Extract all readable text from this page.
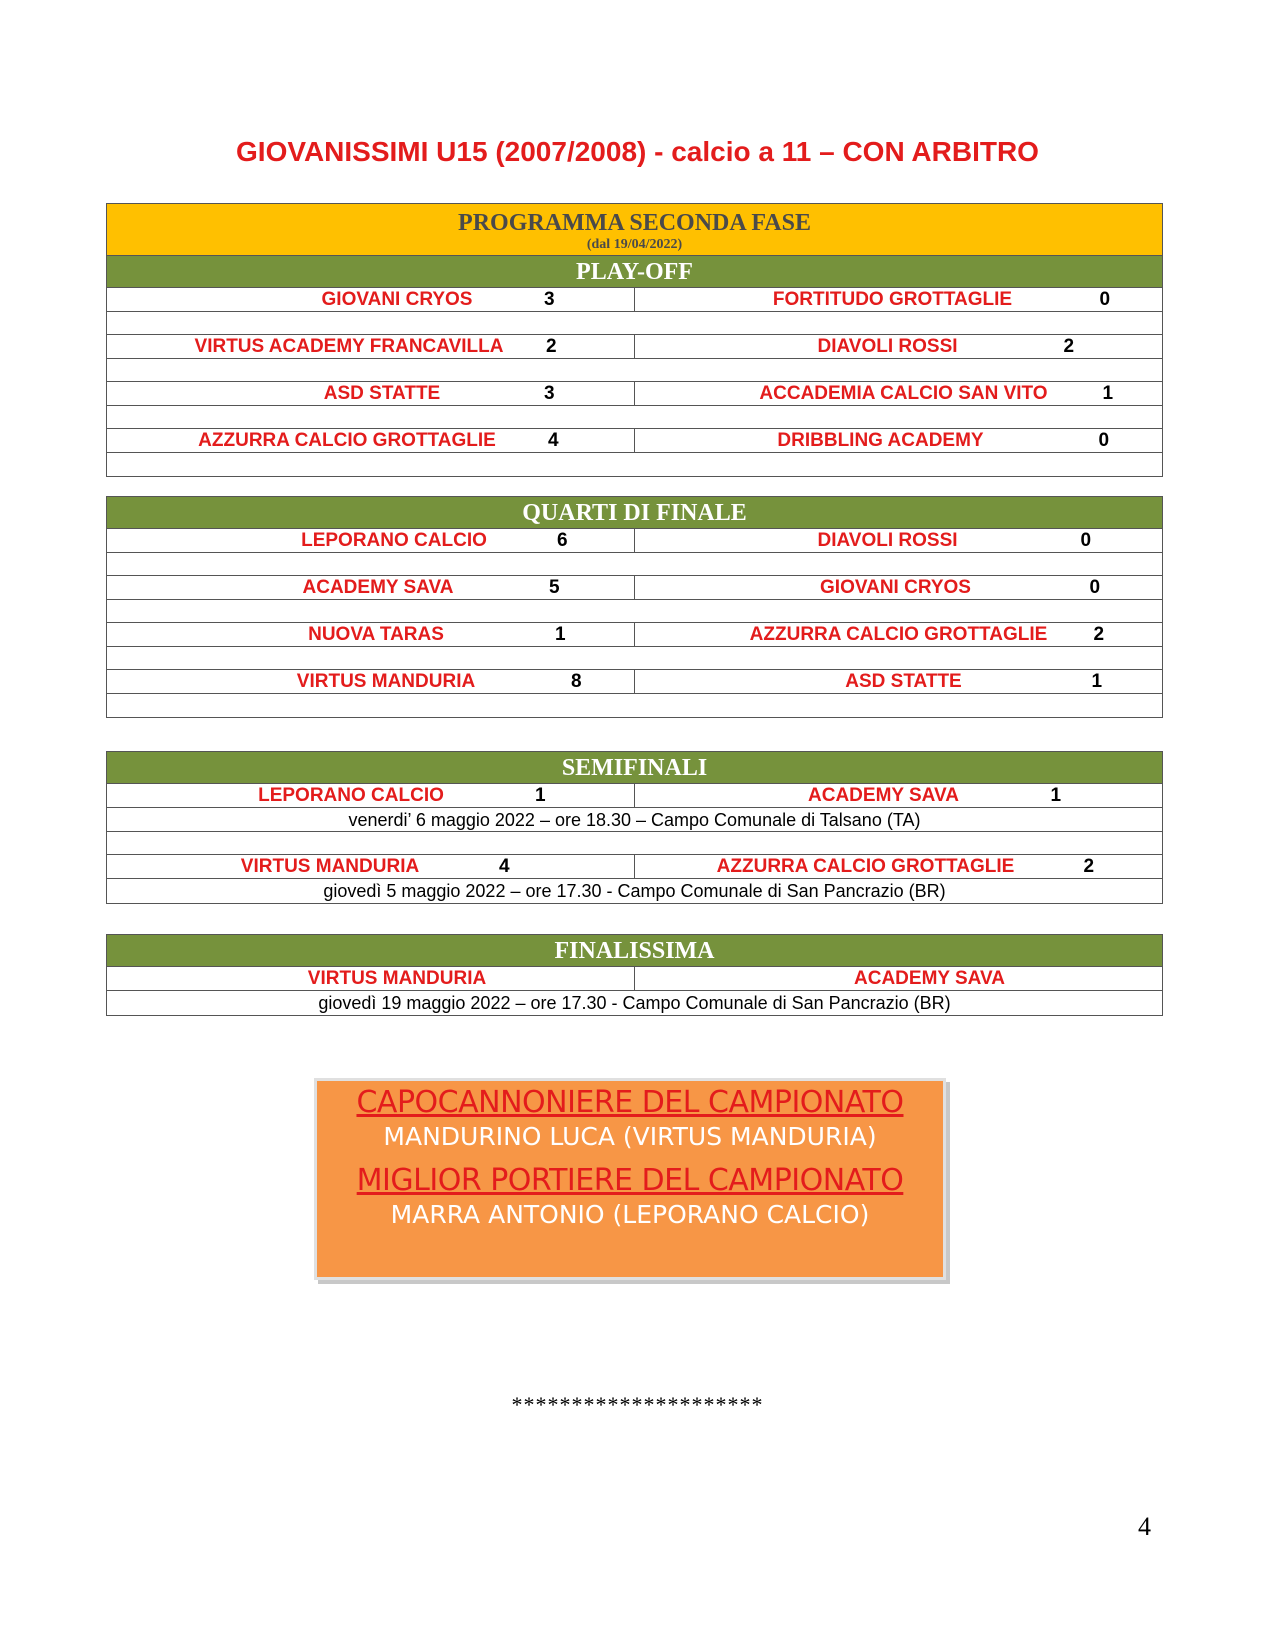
GIOVANISSIMI U15 (2007/2008) - calcio a 11 – CON ARBITRO
PROGRAMMA SECONDA FASE
(dal 19/04/2022)
PLAY-OFF
GIOVANI CRYOS	3	FORTITUDO GROTTAGLIE	0
VIRTUS ACADEMY FRANCAVILLA 2	DIAVOLI ROSSI	2
ASD STATTE	3	ACCADEMIA CALCIO SAN VITO	1
AZZURRA CALCIO GROTTAGLIE	4	DRIBBLING ACADEMY	0
QUARTI DI FINALE
LEPORANO CALCIO	6	DIAVOLI ROSSI	0
ACADEMY SAVA	5	GIOVANI CRYOS	0
NUOVA TARAS	1	AZZURRA CALCIO GROTTAGLIE 2
VIRTUS MANDURIA	8	ASD STATTE	1
SEMIFINALI
LEPORANO CALCIO	1	ACADEMY SAVA	1
venerdi’ 6 maggio 2022 – ore 18.30 – Campo Comunale di Talsano (TA)
VIRTUS MANDURIA	4	AZZURRA CALCIO GROTTAGLIE	2
giovedì 5 maggio 2022 – ore 17.30 - Campo Comunale di San Pancrazio (BR)
FINALISSIMA
VIRTUS MANDURIA	ACADEMY SAVA
giovedì 19 maggio 2022 – ore 17.30 - Campo Comunale di San Pancrazio (BR)
CAPOCANNONIERE DEL CAMPIONATO
MANDURINO LUCA (VIRTUS MANDURIA)
MIGLIOR PORTIERE DEL CAMPIONATO
MARRA ANTONIO (LEPORANO CALCIO)
*********************
4
